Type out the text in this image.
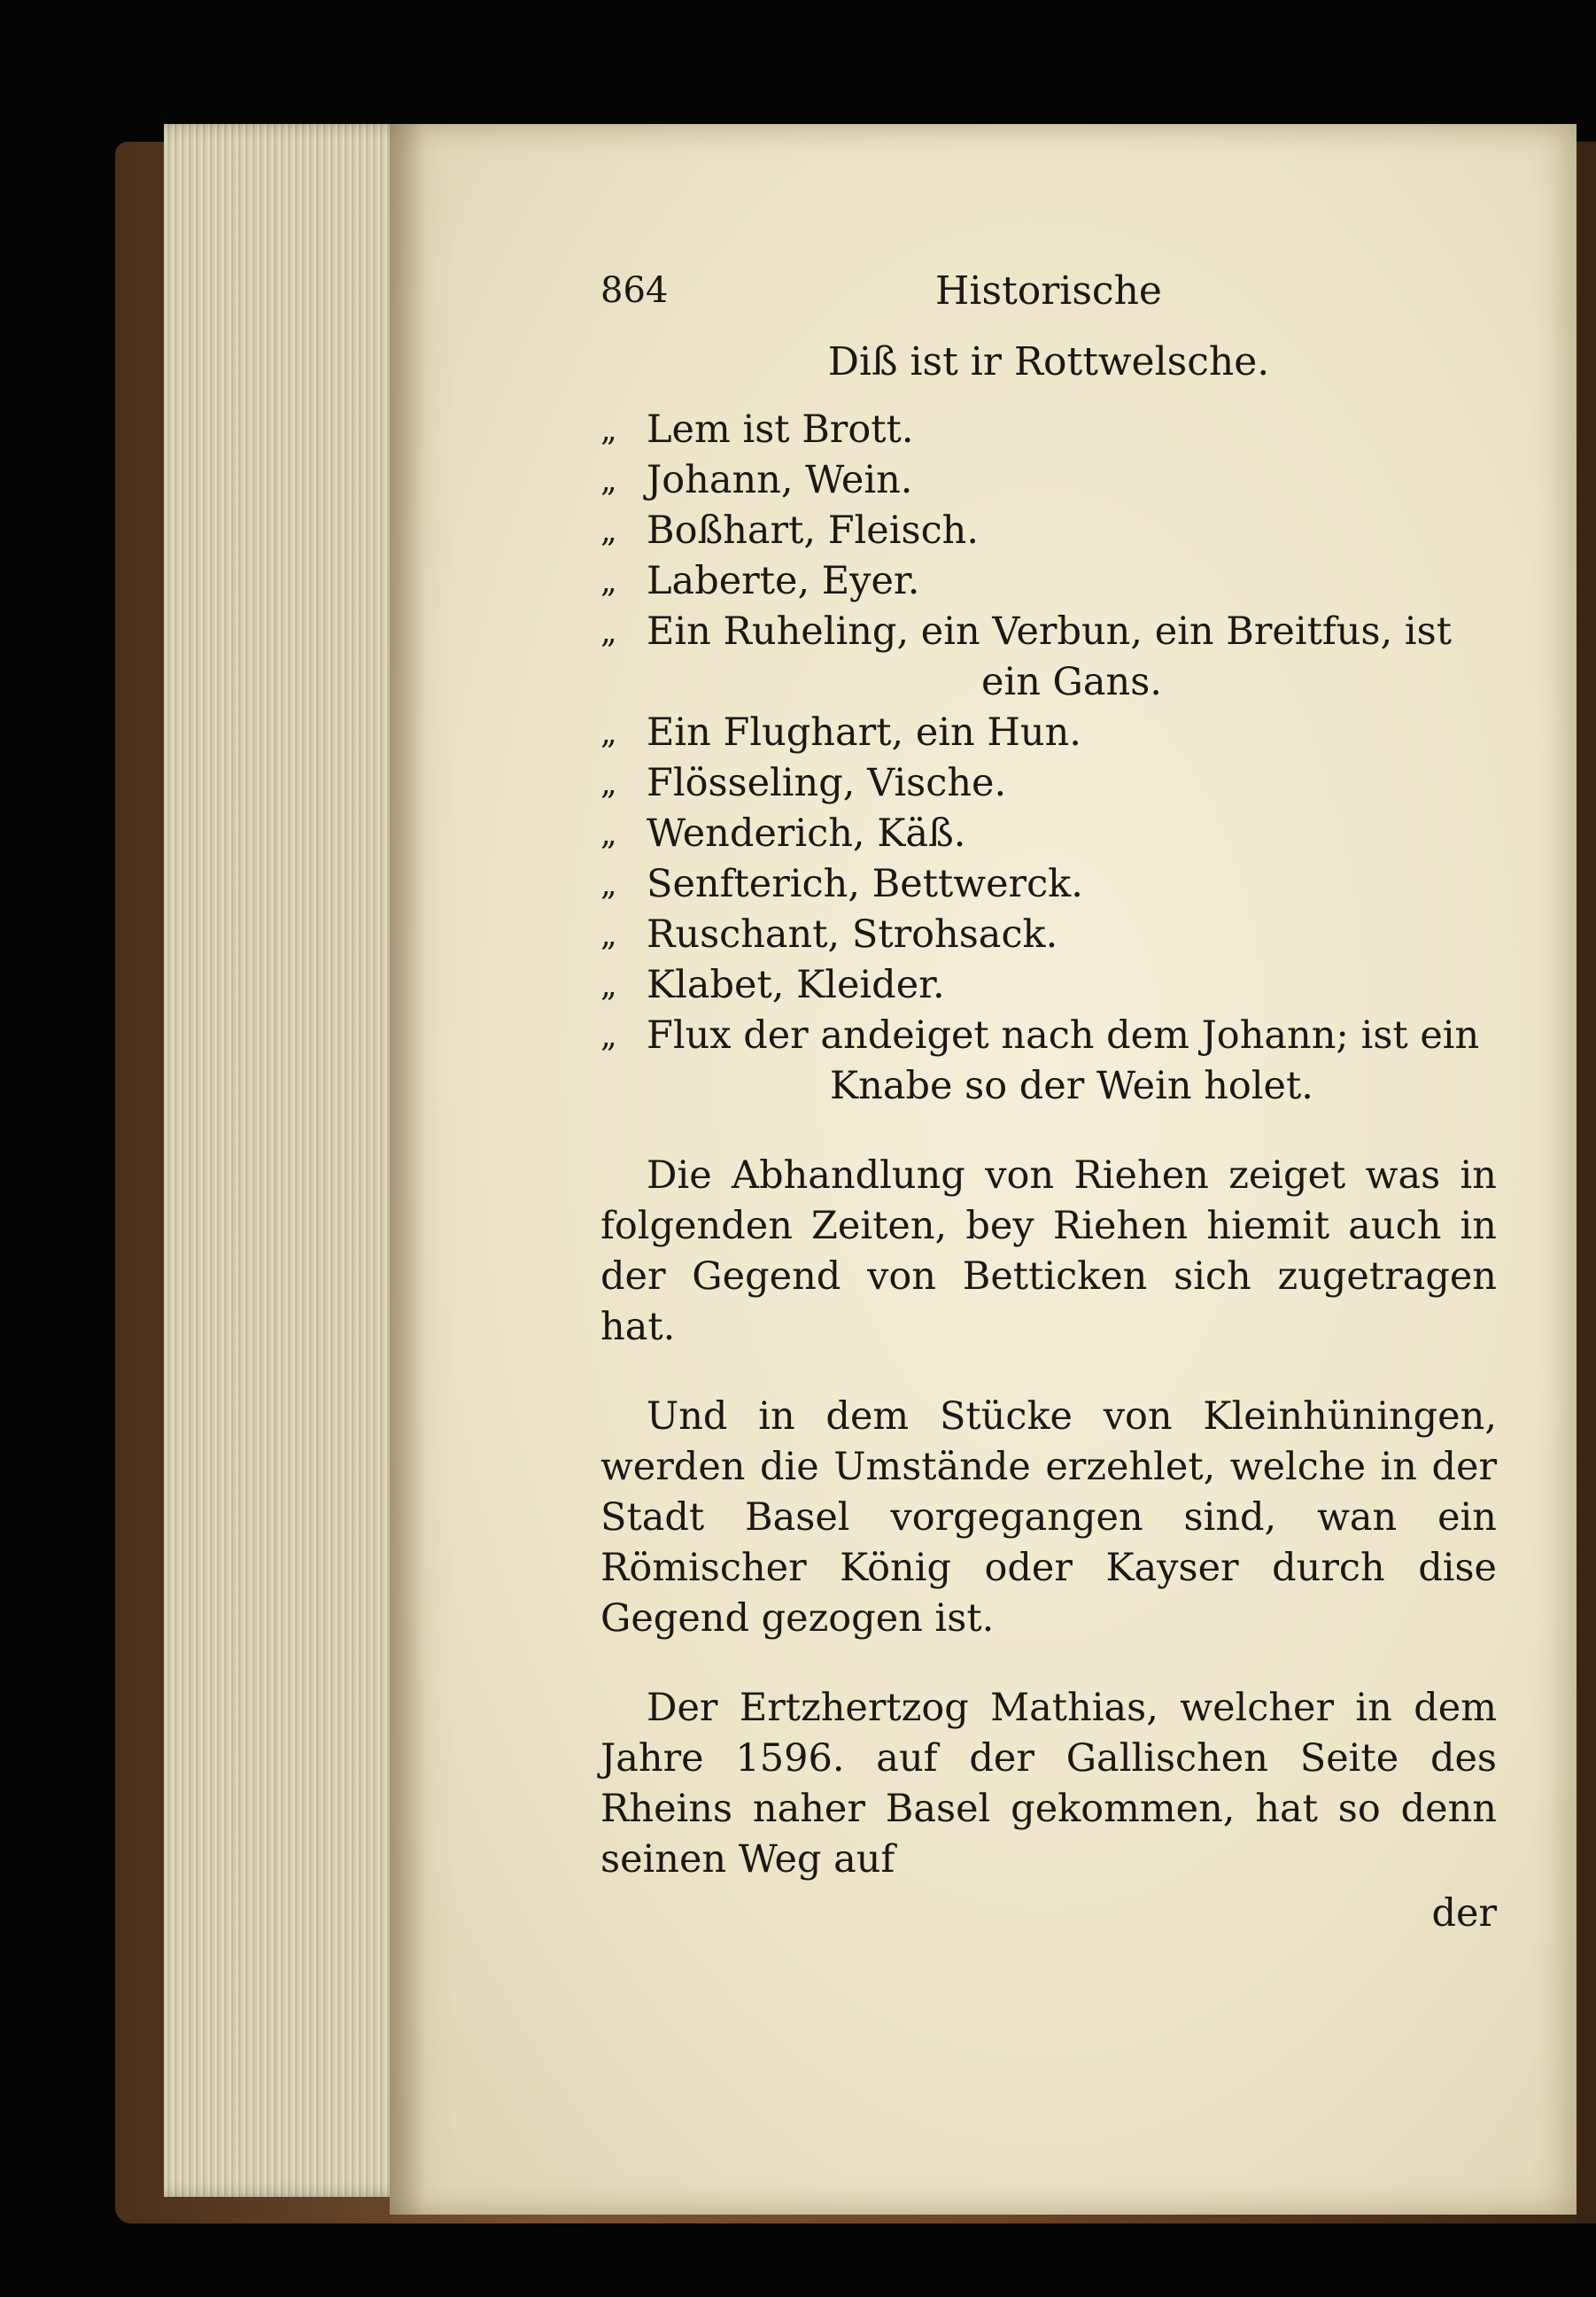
864	Historische
Diß ist ir Rottwelsche.
„ Lem ist Brott.
„ Johann, Wein.
„ Boßhart, Fleisch.
„ Laberte, Eyer.
„ Ein Ruheling, ein Verbun, ein Breitfus, ist
ein Gans.
„ Ein Flughart, ein Hun.
„ Flösseling, Vische.
„ Wenderich, Käß.
„ Senfterich, Bettwerck.
„ Ruschant, Strohsack.
„ Klabet, Kleider.
„ Flux der andeiget nach dem Johann; ist ein
Knabe so der Wein holet.

Die Abhandlung von Riehen zeiget was in folgenden Zeiten, bey Riehen hiemit auch in der Gegend von Betticken sich zugetragen hat.

Und in dem Stücke von Kleinhüningen, werden die Umstände erzehlet, welche in der Stadt Basel vorgegangen sind, wan ein Römischer König oder Kayser durch dise Gegend gezogen ist.

Der Ertzhertzog Mathias, welcher in dem Jahre 1596. auf der Gallischen Seite des Rheins naher Basel gekommen, hat so denn seinen Weg auf

der
